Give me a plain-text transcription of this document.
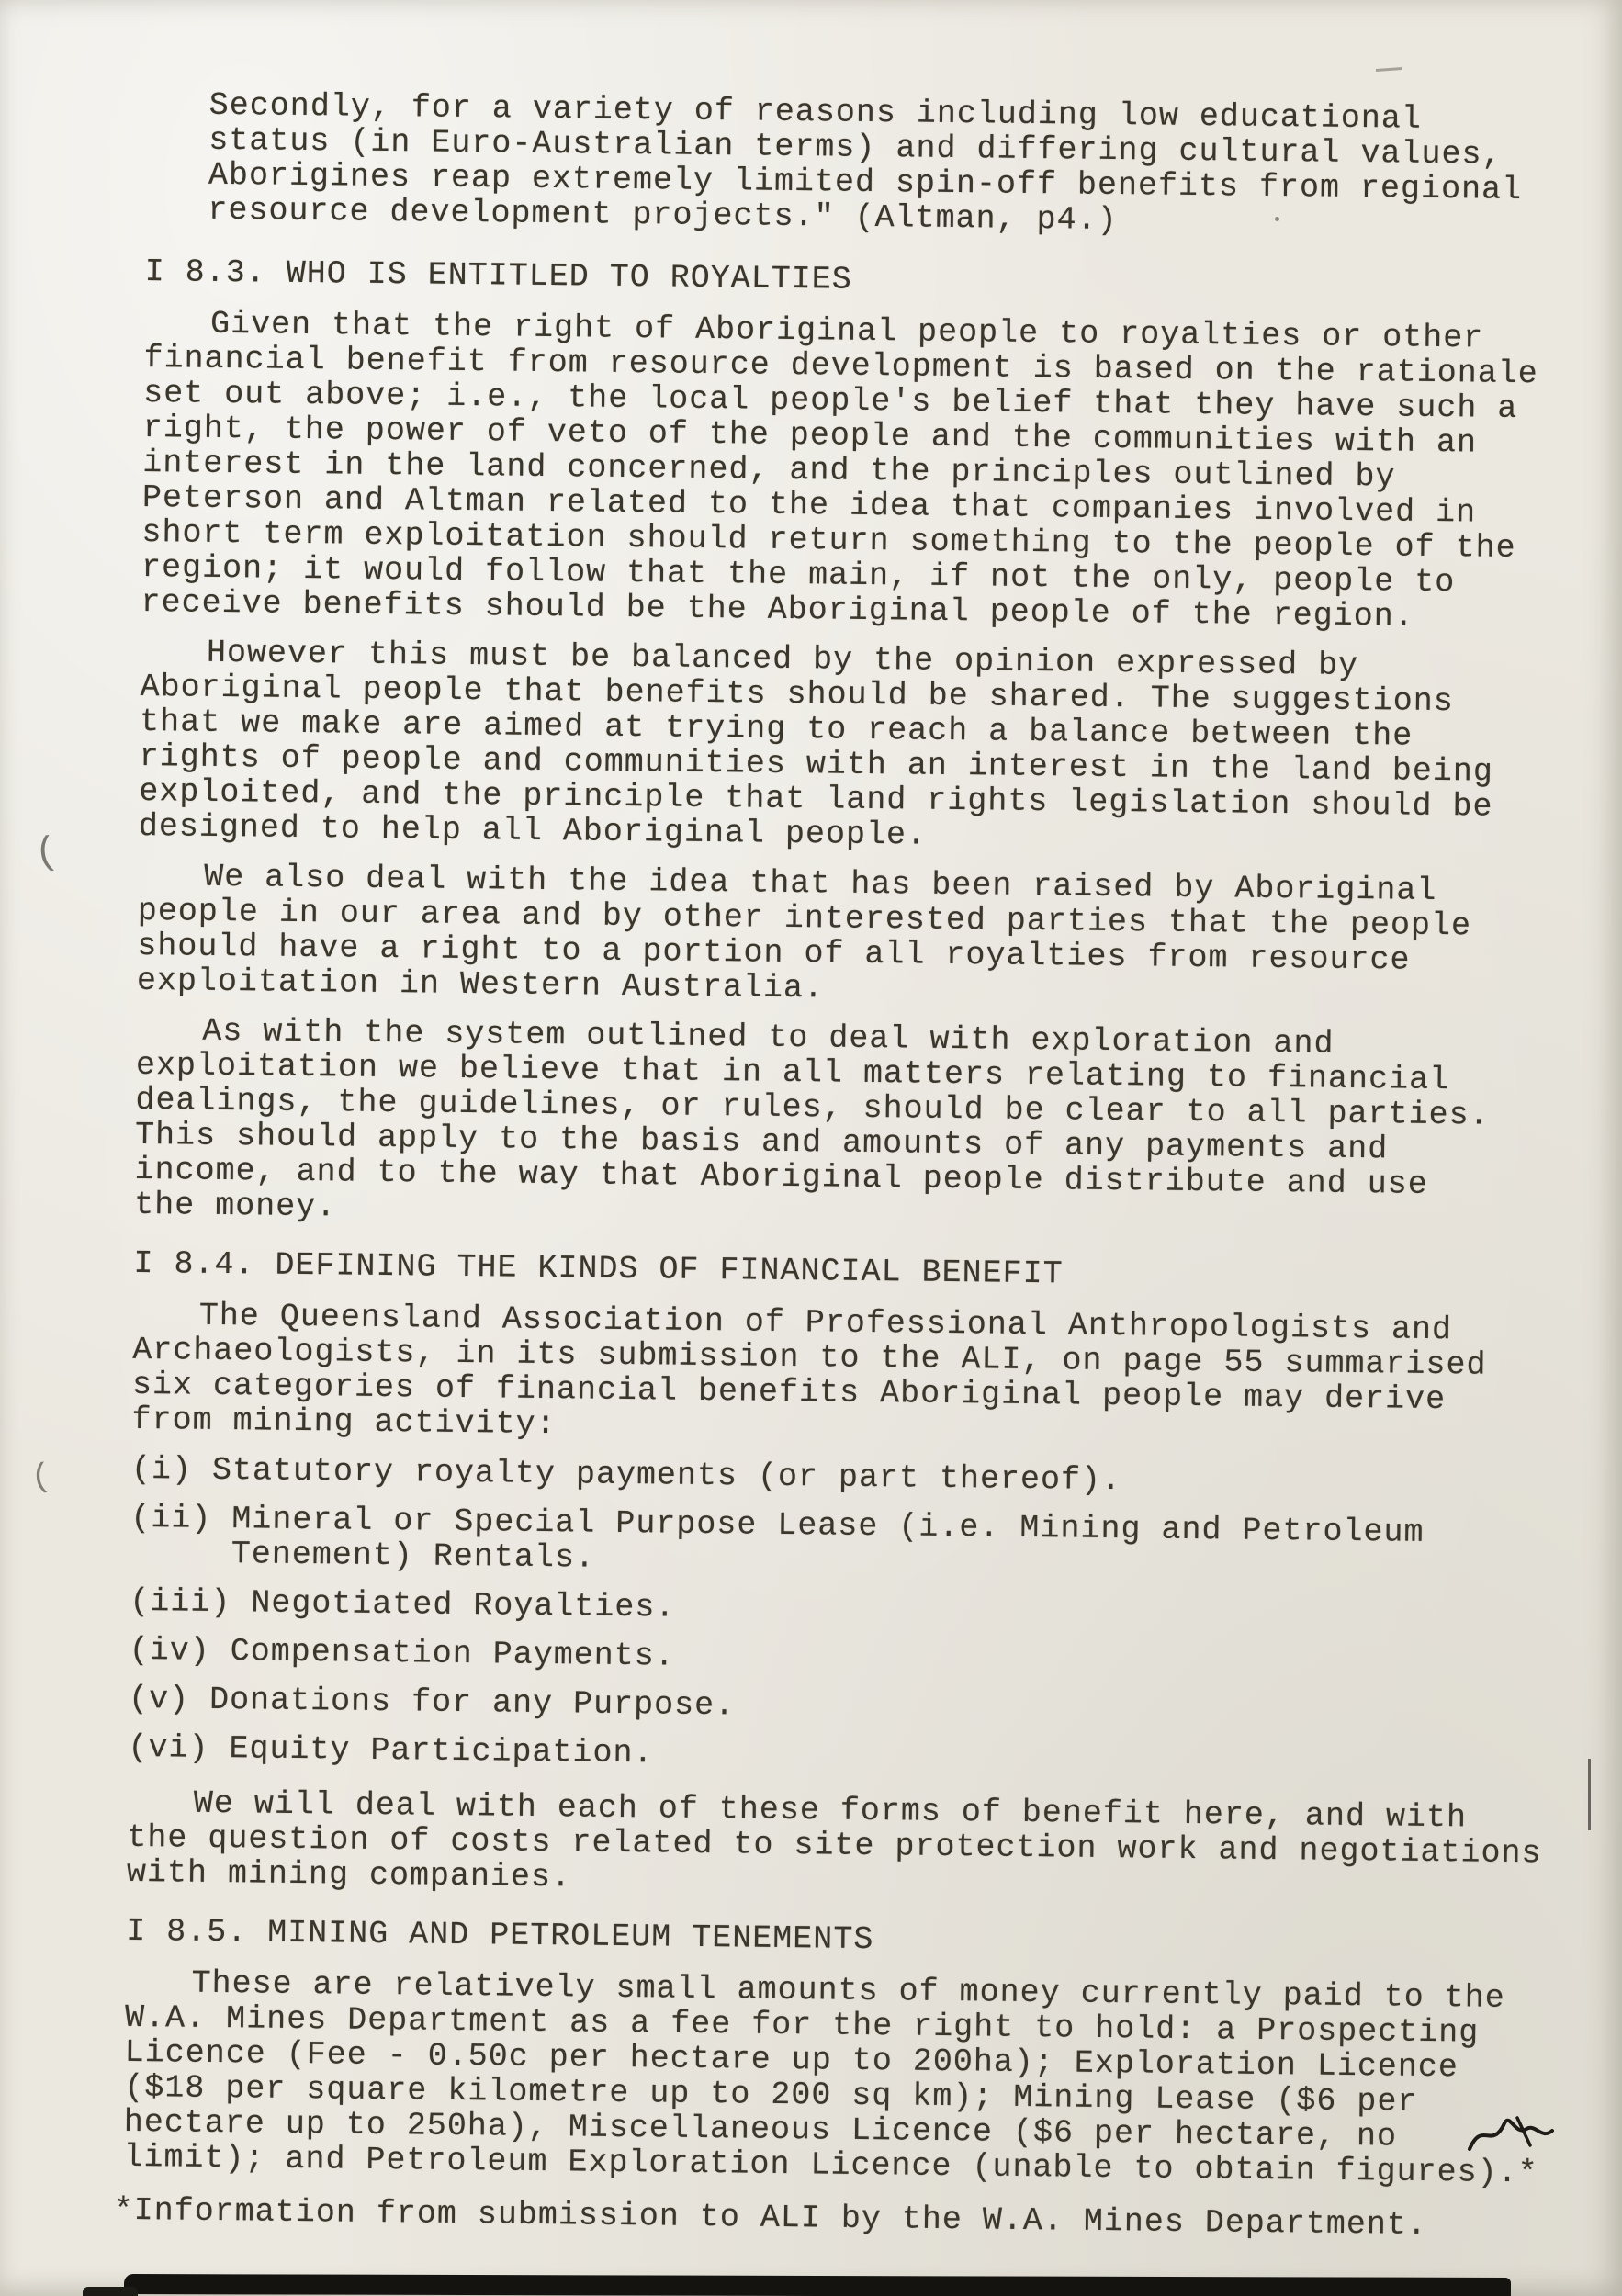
Secondly, for a variety of reasons including low educational
status (in Euro-Australian terms) and differing cultural values,
Aborigines reap extremely limited spin-off benefits from regional
resource development projects." (Altman, p4.)
I 8.3. WHO IS ENTITLED TO ROYALTIES

Given that the right of Aboriginal people to royalties or other
financial benefit from resource development is based on the rationale
set out above; i.e., the local people's belief that they have such a
right, the power of veto of the people and the communities with an
interest in the land concerned, and the principles outlined by
Peterson and Altman related to the idea that companies involved in
short term exploitation should return something to the people of the
region; it would follow that the main, if not the only, people to
receive benefits should be the Aboriginal people of the region.

However this must be balanced by the opinion expressed by
Aboriginal people that benefits should be shared. The suggestions
that we make are aimed at trying to reach a balance between the
rights of people and communities with an interest in the land being
exploited, and the principle that land rights legislation should be
designed to help all Aboriginal people.

We also deal with the idea that has been raised by Aboriginal
people in our area and by other interested parties that the people
should have a right to a portion of all royalties from resource
exploitation in Western Australia.

As with the system outlined to deal with exploration and
exploitation we believe that in all matters relating to financial
dealings, the guidelines, or rules, should be clear to all parties.
This should apply to the basis and amounts of any payments and
income, and to the way that Aboriginal people distribute and use
the money.

I 8.4. DEFINING THE KINDS OF FINANCIAL BENEFIT

The Queensland Association of Professional Anthropologists and
Archaeologists, in its submission to the ALI, on page 55 summarised
six categories of financial benefits Aboriginal people may derive
from mining activity:

(i) Statutory royalty payments (or part thereof).
(ii) Mineral or Special Purpose Lease (i.e. Mining and Petroleum
Tenement) Rentals.
(iii) Negotiated Royalties.
(iv) Compensation Payments.
(v) Donations for any Purpose.
(vi) Equity Participation.

We will deal with each of these forms of benefit here, and with
the question of costs related to site protection work and negotiations
with mining companies.

I 8.5. MINING AND PETROLEUM TENEMENTS

These are relatively small amounts of money currently paid to the
W.A. Mines Department as a fee for the right to hold: a Prospecting
Licence (Fee - 0.50c per hectare up to 200ha); Exploration Licence
($18 per square kilometre up to 200 sq km); Mining Lease ($6 per
hectare up to 250ha), Miscellaneous Licence ($6 per hectare, no
limit); and Petroleum Exploration Licence (unable to obtain figures).*

*Information from submission to ALI by the W.A. Mines Department.

(
(
